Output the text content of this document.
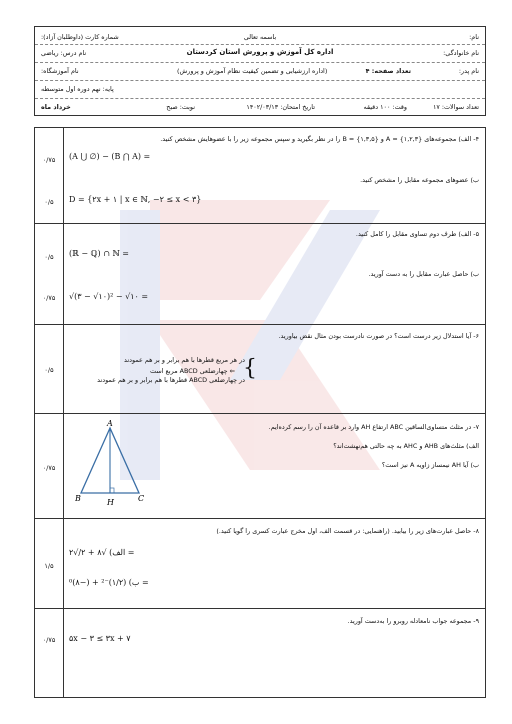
باسمه تعالی	نام:
شماره کارت (داوطلبان آزاد):
اداره کل آموزش و پرورش استان کردستان	نام خانوادگی:
نام درس: ریاضی
تعداد صفحه: ۴
(اداره ارزشیابی و تضمین کیفیت نظام آموزش و پرورش)	نام پدر:
نام آموزشگاه:
پایه: نهم دوره اول متوسطه
تعداد سوالات: ۱۷
وقت: ۱۰۰ دقیقه
تاریخ امتحان: ۱۴۰۲/۰۳/۱۳
نوبت: صبح
خرداد ماه
۴- الف) مجموعه‌های {۱,۲,۳} = A و {۱,۳,۵} = B را در نظر بگیرید و سپس مجموعه زیر را با عضوهایش مشخص کنید.
(A ⋃ ∅) − (B ⋂ A) =
۰/۷۵
ب) عضوهای مجموعه مقابل را مشخص کنید.
D = {۲x + ۱ | x ∈ ℕ, −۲ ≤ x < ۳}
۰/۵
۵- الف) طرف دوم تساوی مقابل را کامل کنید.
(ℝ − ℚ) ∩ ℕ =
۰/۵
ب) حاصل عبارت مقابل را به دست آورید.
√(۳ − √۱۰)² − √۱۰ =
۰/۷۵
۶- آیا استدلال زیر درست است؟ در صورت نادرست بودن مثال نقض بیاورید.
در هر مربع قطرها با هم برابر و بر هم عمودند
در چهارضلعی ABCD قطرها با هم برابر و بر هم عمودند
{
⇐ چهارضلعی ABCD مربع است
۰/۵
۷- در مثلث متساوی‌الساقین ABC ارتفاع AH وارد بر قاعده آن را رسم کرده‌ایم.
الف) مثلث‌های AHB و AHC به چه حالتی هم‌نهشت‌اند؟
ب) آیا AH نیمساز زاویه A نیز است؟
A
B	C
H
۰/۷۵
۸- حاصل عبارت‌های زیر را بیابید. (راهنمایی: در قسمت الف، اول مخرج عبارت کسری را گویا کنید.)
الف) √۸ + ۲/√۲ =
ب) (۱/۲)⁻² + (−۸)⁰ =
۱/۵
۹- مجموعه جواب نامعادله روبرو را به‌دست آورید.
۵x − ۳ ≤ ۳x + ۷
۰/۷۵
